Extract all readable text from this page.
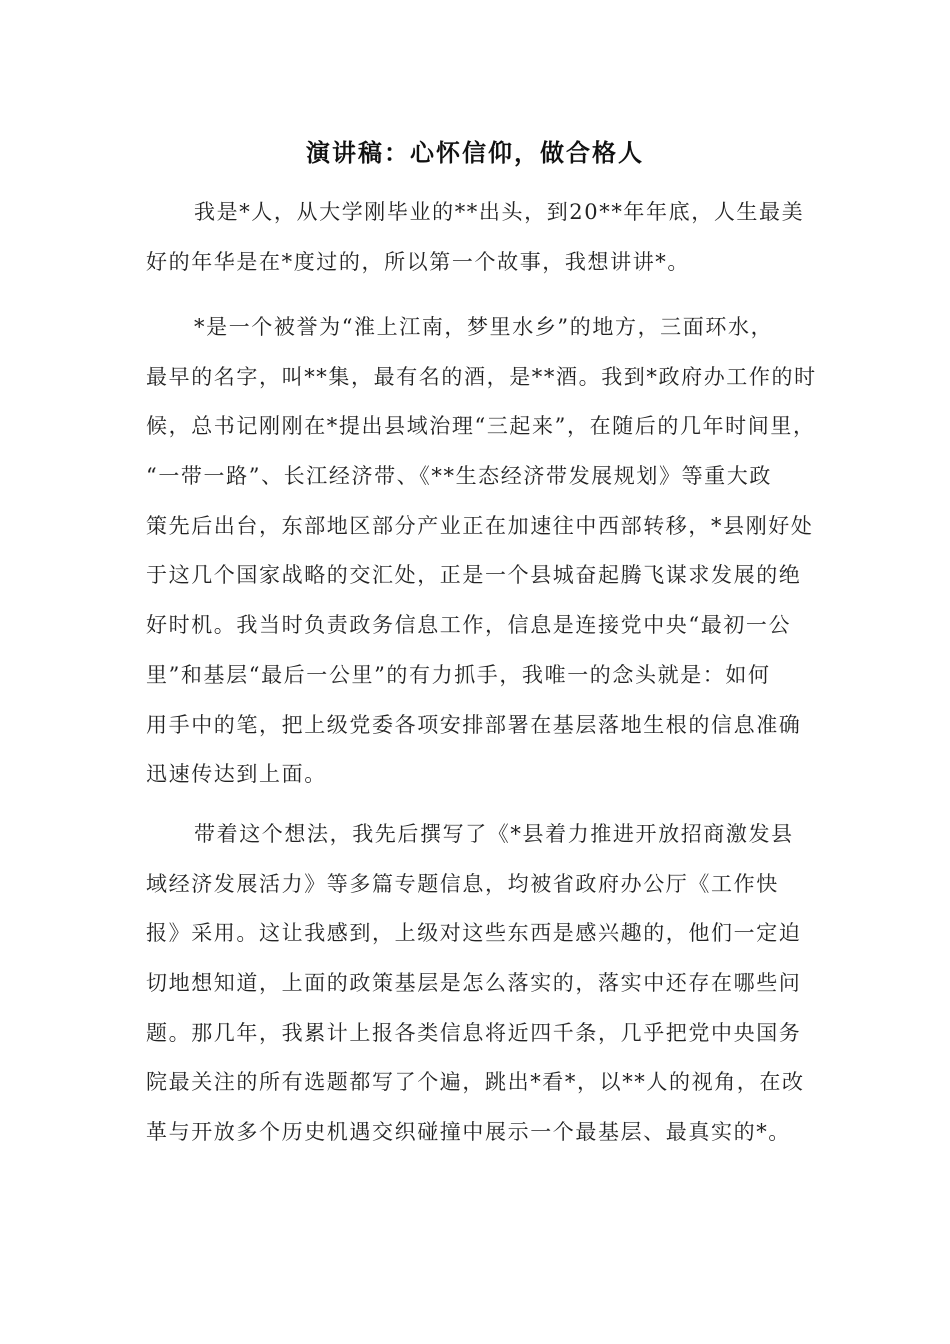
演讲稿：心怀信仰，做合格人
我是*人，从大学刚毕业的**出头，到20**年年底，人生最美
好的年华是在*度过的，所以第一个故事，我想讲讲*。
*是一个被誉为“淮上江南，梦里水乡”的地方，三面环水，
最早的名字，叫**集，最有名的酒，是**酒。我到*政府办工作的时
候，总书记刚刚在*提出县域治理“三起来”，在随后的几年时间里，
“一带一路”、长江经济带、《**生态经济带发展规划》等重大政
策先后出台，东部地区部分产业正在加速往中西部转移，*县刚好处
于这几个国家战略的交汇处，正是一个县城奋起腾飞谋求发展的绝
好时机。我当时负责政务信息工作，信息是连接党中央“最初一公
里”和基层“最后一公里”的有力抓手，我唯一的念头就是：如何
用手中的笔，把上级党委各项安排部署在基层落地生根的信息准确
迅速传达到上面。
带着这个想法，我先后撰写了《*县着力推进开放招商激发县
域经济发展活力》等多篇专题信息，均被省政府办公厅《工作快
报》采用。这让我感到，上级对这些东西是感兴趣的，他们一定迫
切地想知道，上面的政策基层是怎么落实的，落实中还存在哪些问
题。那几年，我累计上报各类信息将近四千条，几乎把党中央国务
院最关注的所有选题都写了个遍，跳出*看*，以**人的视角，在改
革与开放多个历史机遇交织碰撞中展示一个最基层、最真实的*。
